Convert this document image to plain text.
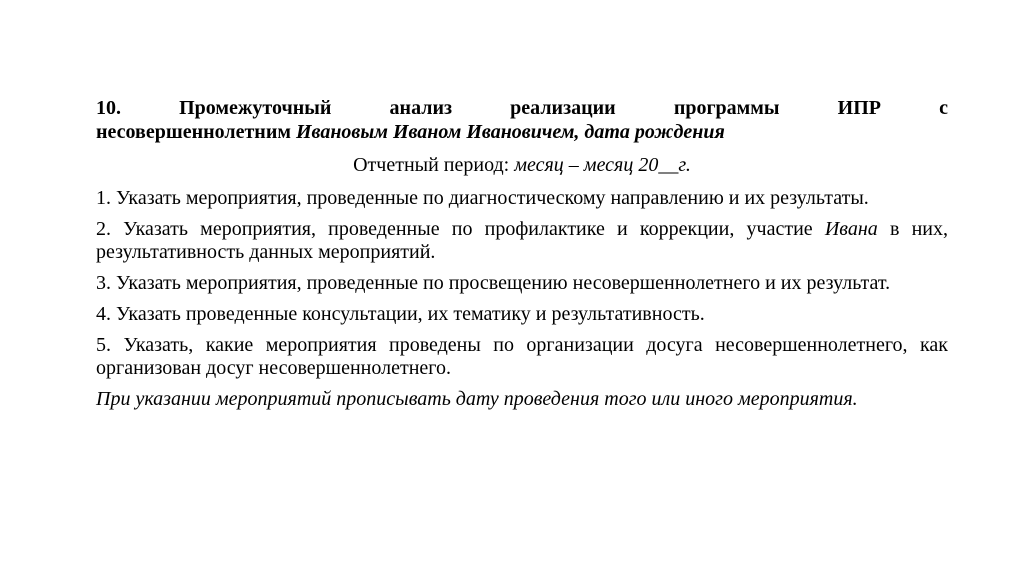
10. Промежуточный анализ реализации программы ИПР с

несовершеннолетним Ивановым Иваном Ивановичем, дата рождения

Отчетный период: месяц – месяц 20__г.

1. Указать мероприятия, проведенные по диагностическому направлению и их результаты.

2. Указать мероприятия, проведенные по профилактике и коррекции, участие Ивана в них, результативность данных мероприятий.

3. Указать мероприятия, проведенные по просвещению несовершеннолетнего и их результат.

4. Указать проведенные консультации, их тематику и результативность.

5. Указать, какие мероприятия проведены по организации досуга несовершеннолетнего, как организован досуг несовершеннолетнего.

При указании мероприятий прописывать дату проведения того или иного мероприятия.
